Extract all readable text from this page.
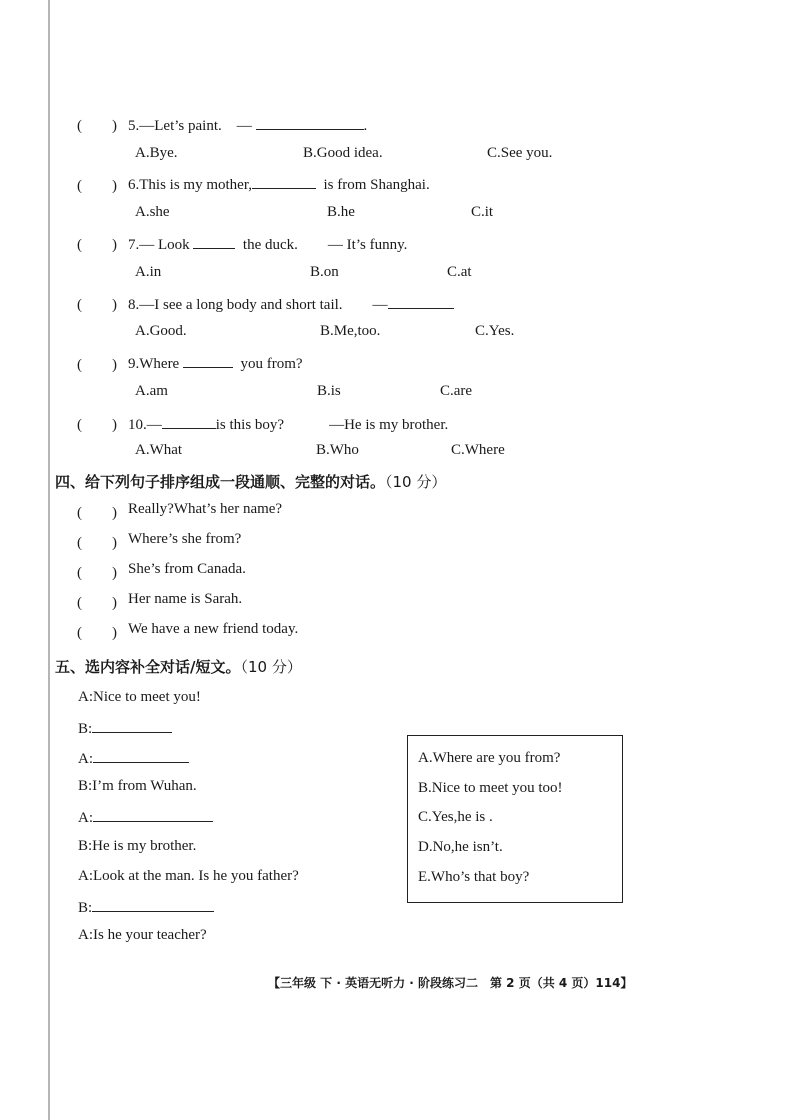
(　　) 5.—Let’s paint.　—	.
A.Bye.	B.Good idea.	C.See you.
(　　) 6.This is my mother,	is from Shanghai.
A.she	B.he	C.it
(　　) 7.— Look	the duck.　　— It’s funny.
A.in	B.on	C.at
(　　) 8.—I see a long body and short tail.　　—
A.Good.	B.Me,too.	C.Yes.
(　　) 9.Where	you from?
A.am	B.is	C.are
(　　) 10.—	is this boy?　　　—He is my brother.
A.What	B.Who	C.Where
四、给下列句子排序组成一段通顺、完整的对话。（10 分）
(　　) Really?What’s her name?
(　　) Where’s she from?
(　　) She’s from Canada.
(　　) Her name is Sarah.
(　　) We have a new friend today.
五、选内容补全对话/短文。（10 分）
A:Nice to meet you!
B:
A:
B:I’m from Wuhan.
A:
B:He is my brother.
A:Look at the man. Is he you father?
B:
A:Is he your teacher?
A.Where are you from?
B.Nice to meet you too!
C.Yes,he is .
D.No,he isn’t.
E.Who’s that boy?
【三年级 下 · 英语无听力 · 阶段练习二　第 2 页（共 4 页）114】
